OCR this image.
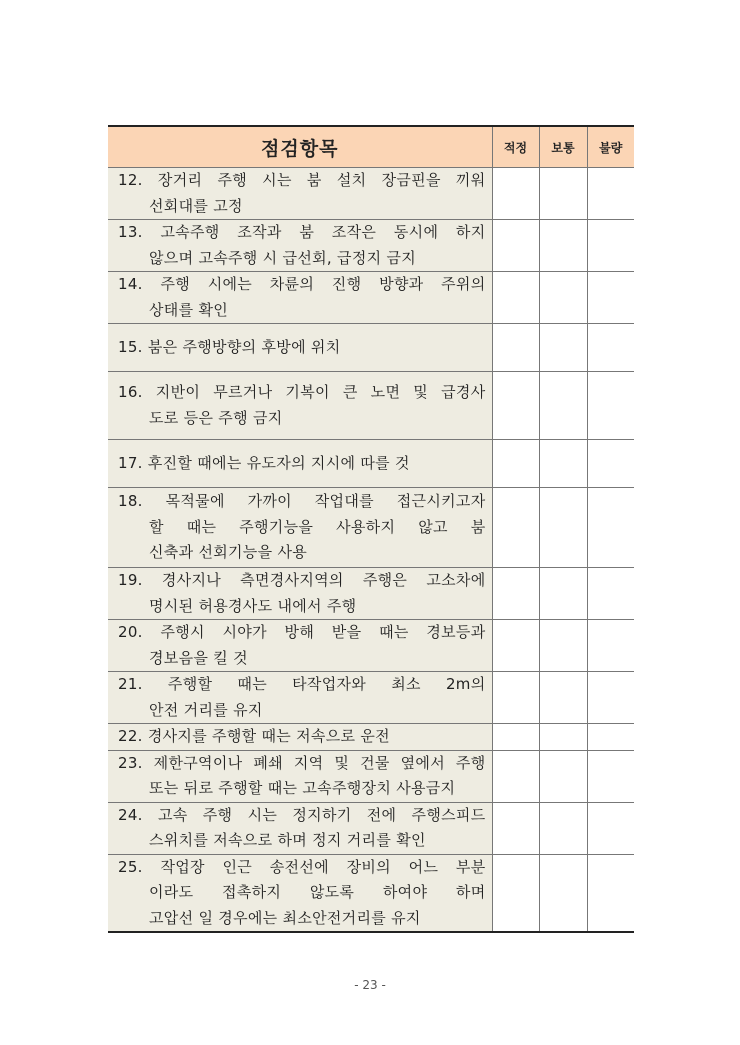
점검항목	적정	보통	불량

12. 장거리 주행 시는 붐 설치 장금핀을 끼워
선회대를 고정			

13. 고속주행 조작과 붐 조작은 동시에 하지
않으며 고속주행 시 급선회, 급정지 금지			

14. 주행 시에는 차륜의 진행 방향과 주위의
상태를 확인			

15. 붐은 주행방향의 후방에 위치			

16. 지반이 무르거나 기복이 큰 노면 및 급경사
도로 등은 주행 금지			

17. 후진할 때에는 유도자의 지시에 따를 것			

18. 목적물에 가까이 작업대를 접근시키고자
할 때는 주행기능을 사용하지 않고 붐
신축과 선회기능을 사용			

19. 경사지나 측면경사지역의 주행은 고소차에
명시된 허용경사도 내에서 주행			

20. 주행시 시야가 방해 받을 때는 경보등과
경보음을 킬 것			

21. 주행할 때는 타작업자와 최소 2m의
안전 거리를 유지			

22. 경사지를 주행할 때는 저속으로 운전			

23. 제한구역이나 폐쇄 지역 및 건물 옆에서 주행
또는 뒤로 주행할 때는 고속주행장치 사용금지			

24. 고속 주행 시는 정지하기 전에 주행스피드
스위치를 저속으로 하며 정지 거리를 확인			

25. 작업장 인근 송전선에 장비의 어느 부분
이라도 접촉하지 않도록 하여야 하며
고압선 일 경우에는 최소안전거리를 유지			

- 23 -
